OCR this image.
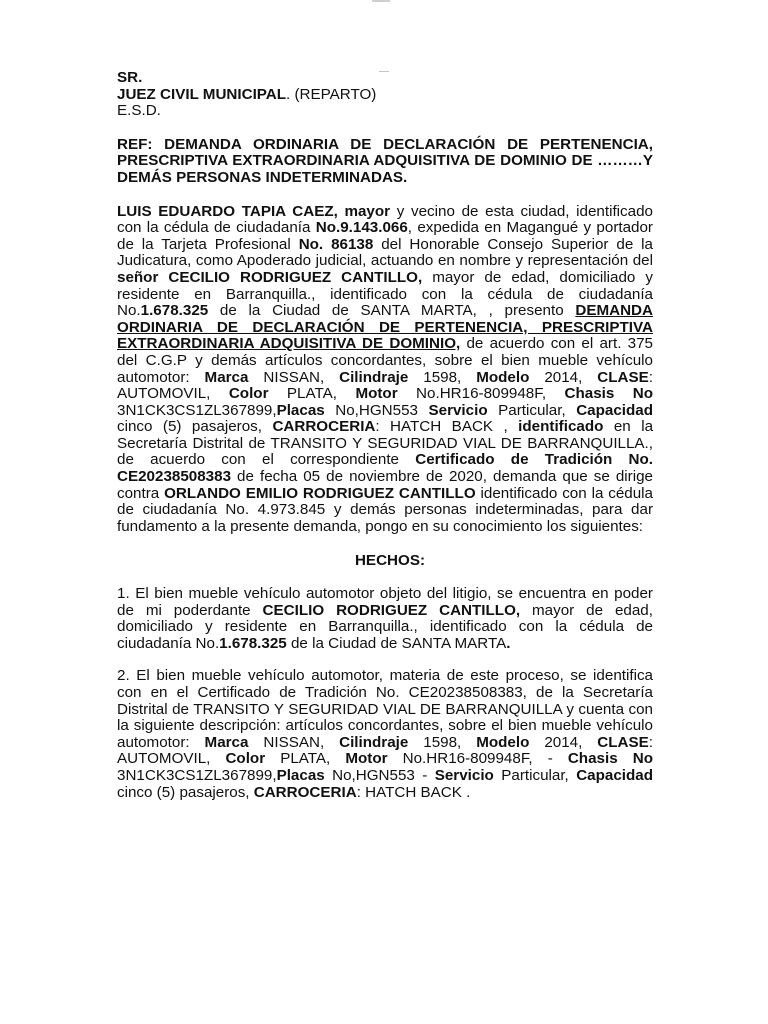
SR.
JUEZ CIVIL MUNICIPAL. (REPARTO)
E.S.D.

REF: DEMANDA ORDINARIA DE DECLARACIÓN DE PERTENENCIA, PRESCRIPTIVA EXTRAORDINARIA ADQUISITIVA DE DOMINIO DE ………Y DEMÁS PERSONAS INDETERMINADAS.

LUIS EDUARDO TAPIA CAEZ, mayor y vecino de esta ciudad, identificado con la cédula de ciudadanía No.9.143.066, expedida en Magangué y portador de la Tarjeta Profesional No. 86138 del Honorable Consejo Superior de la Judicatura, como Apoderado judicial, actuando en nombre y representación del señor CECILIO RODRIGUEZ CANTILLO, mayor de edad, domiciliado y residente en Barranquilla., identificado con la cédula de ciudadanía No.1.678.325 de la Ciudad de SANTA MARTA, , presento DEMANDA ORDINARIA DE DECLARACIÓN DE PERTENENCIA, PRESCRIPTIVA EXTRAORDINARIA ADQUISITIVA DE DOMINIO, de acuerdo con el art. 375 del C.G.P y demás artículos concordantes, sobre el bien mueble vehículo automotor: Marca NISSAN, Cilindraje 1598, Modelo 2014, CLASE: AUTOMOVIL, Color PLATA, Motor No.HR16-809948F, Chasis No 3N1CK3CS1ZL367899,Placas No,HGN553 Servicio Particular, Capacidad cinco (5) pasajeros, CARROCERIA: HATCH BACK , identificado en la Secretaría Distrital de TRANSITO Y SEGURIDAD VIAL DE BARRANQUILLA., de acuerdo con el correspondiente Certificado de Tradición No. CE20238508383 de fecha 05 de noviembre de 2020, demanda que se dirige contra ORLANDO EMILIO RODRIGUEZ CANTILLO identificado con la cédula de ciudadanía No. 4.973.845 y demás personas indeterminadas, para dar fundamento a la presente demanda, pongo en su conocimiento los siguientes:

HECHOS:

1. El bien mueble vehículo automotor objeto del litigio, se encuentra en poder de mi poderdante CECILIO RODRIGUEZ CANTILLO, mayor de edad, domiciliado y residente en Barranquilla., identificado con la cédula de ciudadanía No.1.678.325 de la Ciudad de SANTA MARTA.

2. El bien mueble vehículo automotor, materia de este proceso, se identifica con en el Certificado de Tradición No. CE20238508383, de la Secretaría Distrital de TRANSITO Y SEGURIDAD VIAL DE BARRANQUILLA y cuenta con la siguiente descripción: artículos concordantes, sobre el bien mueble vehículo automotor: Marca NISSAN, Cilindraje 1598, Modelo 2014, CLASE: AUTOMOVIL, Color PLATA, Motor No.HR16-809948F, - Chasis No 3N1CK3CS1ZL367899,Placas No,HGN553 - Servicio Particular, Capacidad cinco (5) pasajeros, CARROCERIA: HATCH BACK .
